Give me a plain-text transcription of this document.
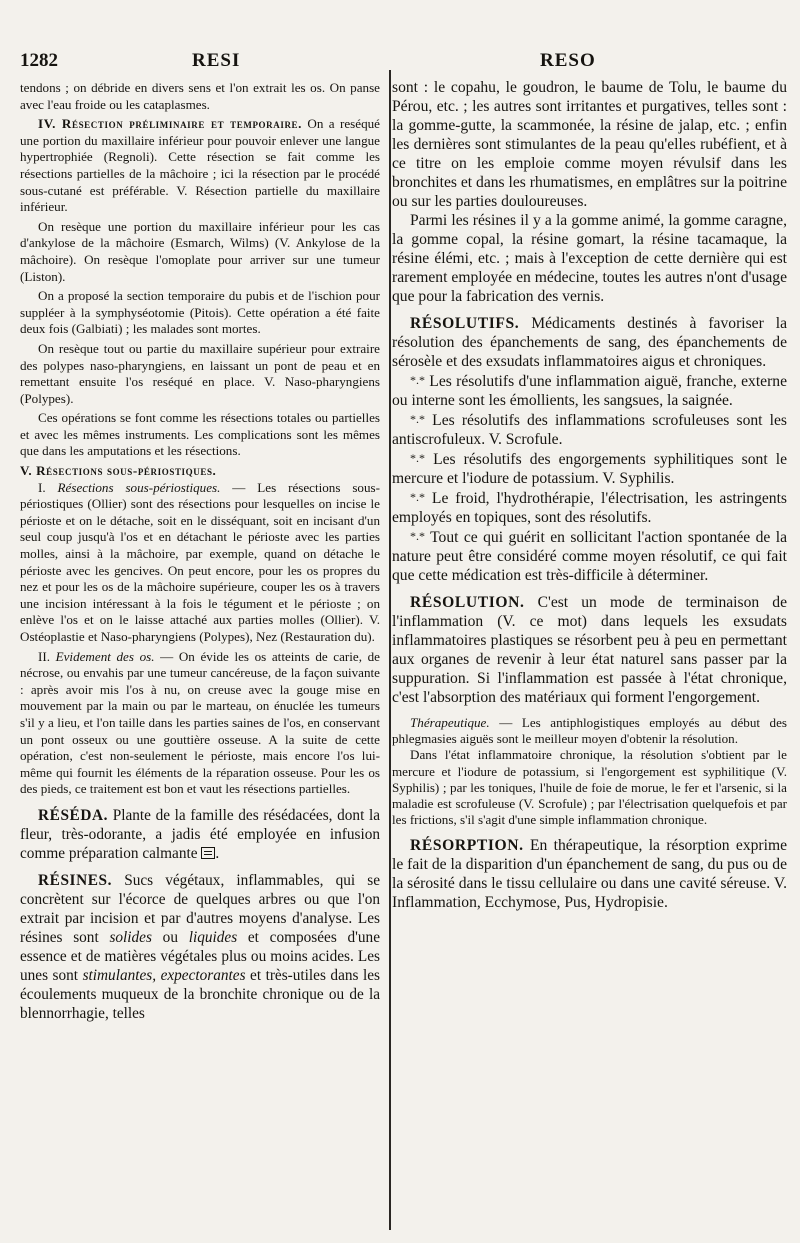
1282	RESI	RESO

tendons ; on débride en divers sens et l'on extrait les os. On panse avec l'eau froide ou les cataplasmes.

IV. Résection préliminaire et temporaire. On a reséqué une portion du maxillaire inférieur pour pouvoir enlever une langue hypertrophiée (Regnoli). Cette résection se fait comme les résections partielles de la mâchoire ; ici la résection par le procédé sous-cutané est préférable. V. Résection partielle du maxillaire inférieur.

On resèque une portion du maxillaire inférieur pour les cas d'ankylose de la mâchoire (Esmarch, Wilms) (V. Ankylose de la mâchoire). On resèque l'omoplate pour arriver sur une tumeur (Liston).

On a proposé la section temporaire du pubis et de l'ischion pour suppléer à la symphyséotomie (Pitois). Cette opération a été faite deux fois (Galbiati) ; les malades sont mortes.

On resèque tout ou partie du maxillaire supérieur pour extraire des polypes naso-pharyngiens, en laissant un pont de peau et en remettant ensuite l'os reséqué en place. V. Naso-pharyngiens (Polypes).

Ces opérations se font comme les résections totales ou partielles et avec les mêmes instruments. Les complications sont les mêmes que dans les amputations et les résections.

V. Résections sous-périostiques.

I. Résections sous-périostiques. — Les résections sous-périostiques (Ollier) sont des résections pour lesquelles on incise le périoste et on le détache, soit en le disséquant, soit en incisant d'un seul coup jusqu'à l'os et en détachant le périoste avec les parties molles, ainsi à la mâchoire, par exemple, quand on détache le périoste avec les gencives. On peut encore, pour les os propres du nez et pour les os de la mâchoire supérieure, couper les os à travers une incision intéressant à la fois le tégument et le périoste ; on enlève l'os et on le laisse attaché aux parties molles (Ollier). V. Ostéoplastie et Naso-pharyngiens (Polypes), Nez (Restauration du).

II. Evidement des os. — On évide les os atteints de carie, de nécrose, ou envahis par une tumeur cancéreuse, de la façon suivante : après avoir mis l'os à nu, on creuse avec la gouge mise en mouvement par la main ou par le marteau, on énuclée les tumeurs s'il y a lieu, et l'on taille dans les parties saines de l'os, en conservant un pont osseux ou une gouttière osseuse. A la suite de cette opération, c'est non-seulement le périoste, mais encore l'os lui-même qui fournit les éléments de la réparation osseuse. Pour les os des pieds, ce traitement est bon et vaut les résections partielles.

RÉSÉDA. Plante de la famille des résédacées, dont la fleur, très-odorante, a jadis été employée en infusion comme préparation calmante .

RÉSINES. Sucs végétaux, inflammables, qui se concrètent sur l'écorce de quelques arbres ou que l'on extrait par incision et par d'autres moyens d'analyse. Les résines sont solides ou liquides et composées d'une essence et de matières végétales plus ou moins acides. Les unes sont stimulantes, expectorantes et très-utiles dans les écoulements muqueux de la bronchite chronique ou de la blennorrhagie, telles

sont : le copahu, le goudron, le baume de Tolu, le baume du Pérou, etc. ; les autres sont irritantes et purgatives, telles sont : la gomme-gutte, la scammonée, la résine de jalap, etc. ; enfin les dernières sont stimulantes de la peau qu'elles rubéfient, et à ce titre on les emploie comme moyen révulsif dans les bronchites et dans les rhumatismes, en emplâtres sur la poitrine ou sur les parties douloureuses.

Parmi les résines il y a la gomme animé, la gomme caragne, la gomme copal, la résine gomart, la résine tacamaque, la résine élémi, etc. ; mais à l'exception de cette dernière qui est rarement employée en médecine, toutes les autres n'ont d'usage que pour la fabrication des vernis.

RÉSOLUTIFS. Médicaments destinés à favoriser la résolution des épanchements de sang, des épanchements de sérosèle et des exsudats inflammatoires aigus et chroniques.

*.* Les résolutifs d'une inflammation aiguë, franche, externe ou interne sont les émollients, les sangsues, la saignée.

*.* Les résolutifs des inflammations scrofuleuses sont les antiscrofuleux. V. Scrofule.

*.* Les résolutifs des engorgements syphilitiques sont le mercure et l'iodure de potassium. V. Syphilis.

*.* Le froid, l'hydrothérapie, l'électrisation, les astringents employés en topiques, sont des résolutifs.

*.* Tout ce qui guérit en sollicitant l'action spontanée de la nature peut être considéré comme moyen résolutif, ce qui fait que cette médication est très-difficile à déterminer.

RÉSOLUTION. C'est un mode de terminaison de l'inflammation (V. ce mot) dans lequels les exsudats inflammatoires plastiques se résorbent peu à peu en permettant aux organes de revenir à leur état naturel sans passer par la suppuration. Si l'inflammation est passée à l'état chronique, c'est l'absorption des matériaux qui forment l'engorgement.

Thérapeutique. — Les antiphlogistiques employés au début des phlegmasies aiguës sont le meilleur moyen d'obtenir la résolution.

Dans l'état inflammatoire chronique, la résolution s'obtient par le mercure et l'iodure de potassium, si l'engorgement est syphilitique (V. Syphilis) ; par les toniques, l'huile de foie de morue, le fer et l'arsenic, si la maladie est scrofuleuse (V. Scrofule) ; par l'électrisation quelquefois et par les frictions, s'il s'agit d'une simple inflammation chronique.

RÉSORPTION. En thérapeutique, la résorption exprime le fait de la disparition d'un épanchement de sang, du pus ou de la sérosité dans le tissu cellulaire ou dans une cavité séreuse. V. Inflammation, Ecchymose, Pus, Hydropisie.
